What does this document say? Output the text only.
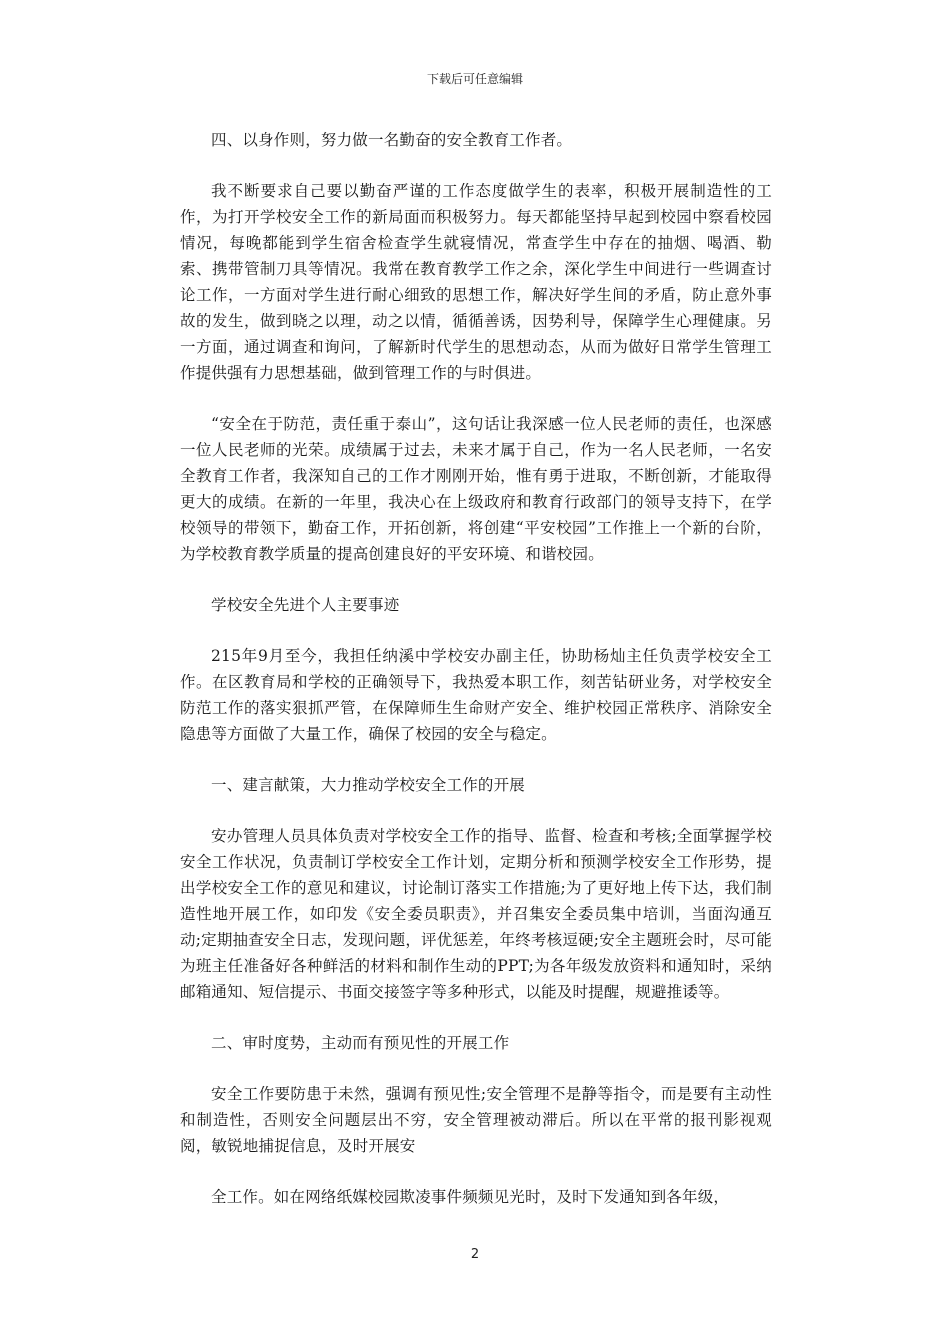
下载后可任意编辑

四、以身作则，努力做一名勤奋的安全教育工作者。

我不断要求自己要以勤奋严谨的工作态度做学生的表率，积极开展制造性的工作，为打开学校安全工作的新局面而积极努力。每天都能坚持早起到校园中察看校园情况，每晚都能到学生宿舍检查学生就寝情况，常查学生中存在的抽烟、喝酒、勒索、携带管制刀具等情况。我常在教育教学工作之余，深化学生中间进行一些调查讨论工作，一方面对学生进行耐心细致的思想工作，解决好学生间的矛盾，防止意外事故的发生，做到晓之以理，动之以情，循循善诱，因势利导，保障学生心理健康。另一方面，通过调查和询问，了解新时代学生的思想动态，从而为做好日常学生管理工作提供强有力思想基础，做到管理工作的与时俱进。

“安全在于防范，责任重于泰山”，这句话让我深感一位人民老师的责任，也深感一位人民老师的光荣。成绩属于过去，未来才属于自己，作为一名人民老师，一名安全教育工作者，我深知自己的工作才刚刚开始，惟有勇于进取，不断创新，才能取得更大的成绩。在新的一年里，我决心在上级政府和教育行政部门的领导支持下，在学校领导的带领下，勤奋工作，开拓创新，将创建“平安校园”工作推上一个新的台阶，为学校教育教学质量的提高创建良好的平安环境、和谐校园。

学校安全先进个人主要事迹

215年9月至今，我担任纳溪中学校安办副主任，协助杨灿主任负责学校安全工作。在区教育局和学校的正确领导下，我热爱本职工作，刻苦钻研业务，对学校安全防范工作的落实狠抓严管，在保障师生生命财产安全、维护校园正常秩序、消除安全隐患等方面做了大量工作，确保了校园的安全与稳定。

一、建言献策，大力推动学校安全工作的开展

安办管理人员具体负责对学校安全工作的指导、监督、检查和考核;全面掌握学校安全工作状况，负责制订学校安全工作计划，定期分析和预测学校安全工作形势，提出学校安全工作的意见和建议，讨论制订落实工作措施;为了更好地上传下达，我们制造性地开展工作，如印发《安全委员职责》，并召集安全委员集中培训，当面沟通互动;定期抽查安全日志，发现问题，评优惩差，年终考核逗硬;安全主题班会时，尽可能为班主任准备好各种鲜活的材料和制作生动的PPT;为各年级发放资料和通知时，采纳邮箱通知、短信提示、书面交接签字等多种形式，以能及时提醒，规避推诿等。

二、审时度势，主动而有预见性的开展工作

安全工作要防患于未然，强调有预见性;安全管理不是静等指令，而是要有主动性和制造性，否则安全问题层出不穷，安全管理被动滞后。所以在平常的报刊影视观阅，敏锐地捕捉信息，及时开展安

全工作。如在网络纸媒校园欺凌事件频频见光时，及时下发通知到各年级，

2
